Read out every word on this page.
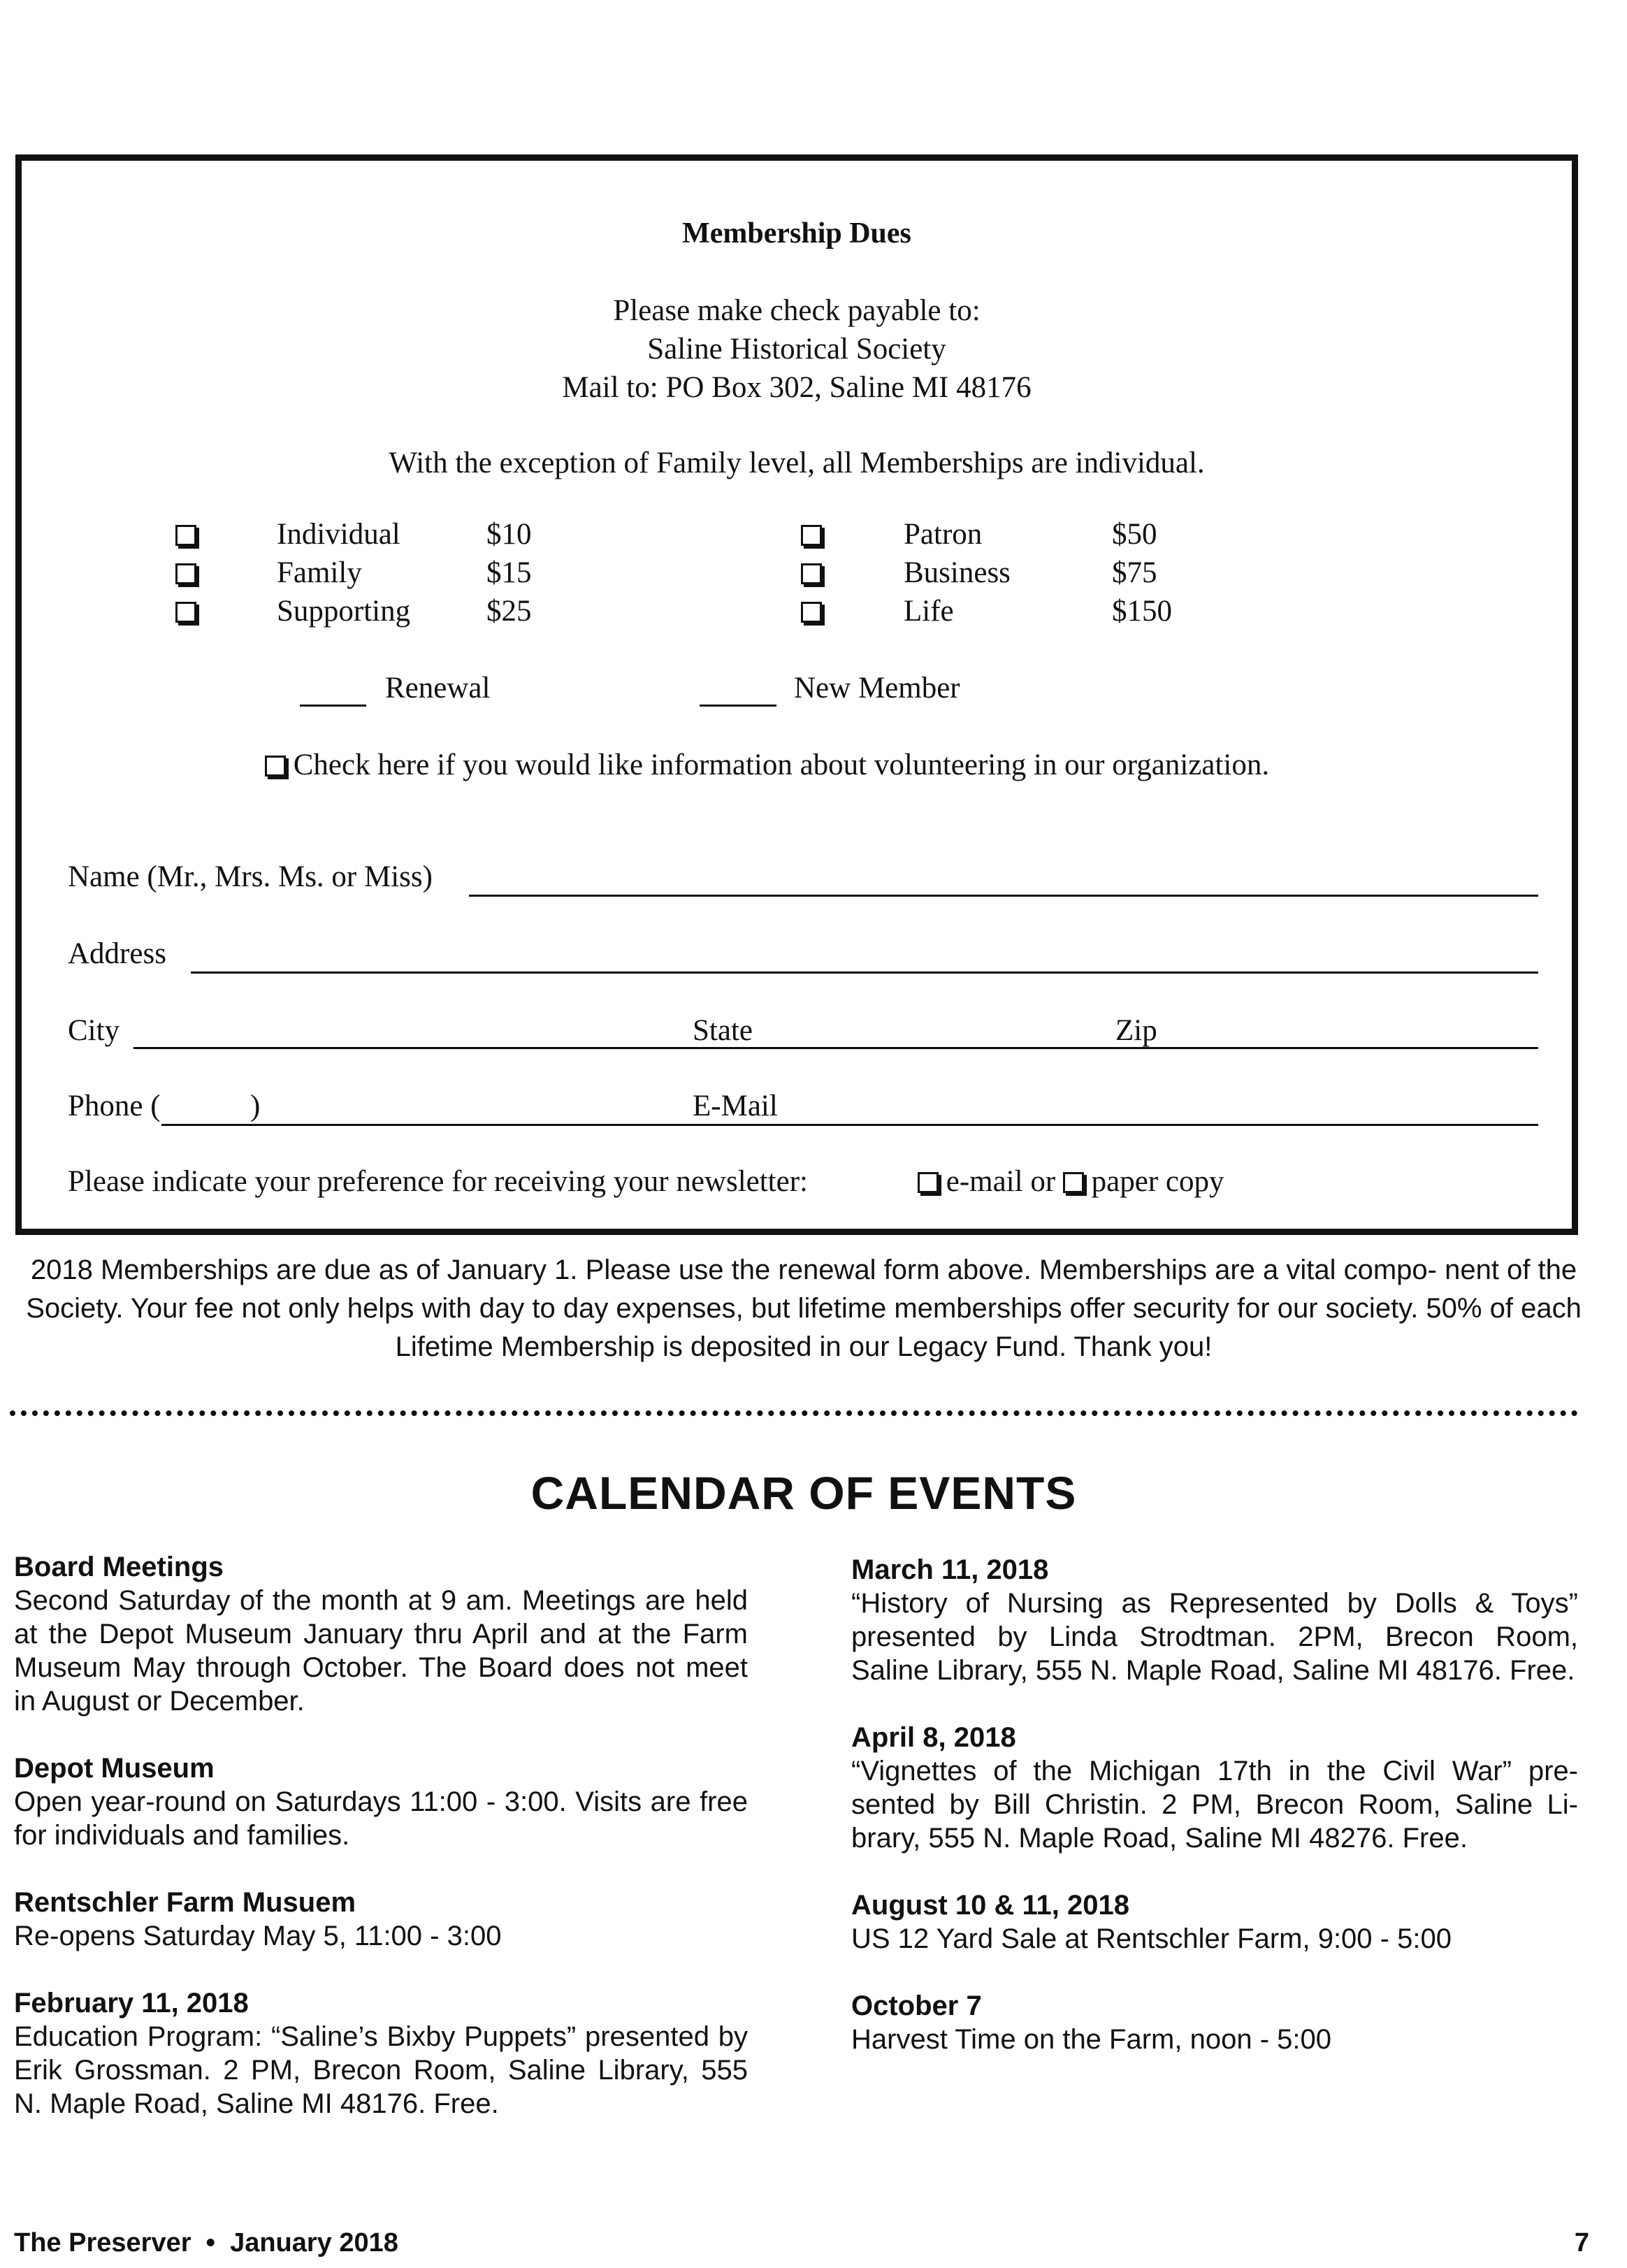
Membership Dues
Please make check payable to:
Saline Historical Society
Mail to: PO Box 302, Saline MI 48176
With the exception of Family level, all Memberships are individual.
Individual	$10
Family	$15
Supporting	$25
Patron	$50
Business	$75
Life	$150
Renewal	New Member
Check here if you would like information about volunteering in our organization.
Name (Mr., Mrs. Ms. or Miss)
Address
City	State	Zip
Phone (	)	E-Mail
Please indicate your preference for receiving your newsletter:	e-mail or paper copy
2018 Memberships are due as of January 1. Please use the renewal form above. Memberships are a vital compo- nent of the Society. Your fee not only helps with day to day expenses, but lifetime memberships offer security for our society. 50% of each Lifetime Membership is deposited in our Legacy Fund. Thank you!
CALENDAR OF EVENTS
Board Meetings
Second Saturday of the month at 9 am. Meetings are held at the Depot Museum January thru April and at the Farm Museum May through October. The Board does not meet in August or December.
Depot Museum
Open year-round on Saturdays 11:00 - 3:00. Visits are free for individuals and families.
Rentschler Farm Musuem
Re-opens Saturday May 5, 11:00 - 3:00
February 11, 2018
Education Program: “Saline’s Bixby Puppets” presented by Erik Grossman. 2 PM, Brecon Room, Saline Library, 555 N. Maple Road, Saline MI 48176. Free.
March 11, 2018
“History of Nursing as Represented by Dolls & Toys” presented by Linda Strodtman. 2PM, Brecon Room, Saline Library, 555 N. Maple Road, Saline MI 48176. Free.
April 8, 2018
“Vignettes of the Michigan 17th in the Civil War” pre- sented by Bill Christin. 2 PM, Brecon Room, Saline Li- brary, 555 N. Maple Road, Saline MI 48276. Free.
August 10 & 11, 2018
US 12 Yard Sale at Rentschler Farm, 9:00 - 5:00
October 7
Harvest Time on the Farm, noon - 5:00
The Preserver • January 2018	7
